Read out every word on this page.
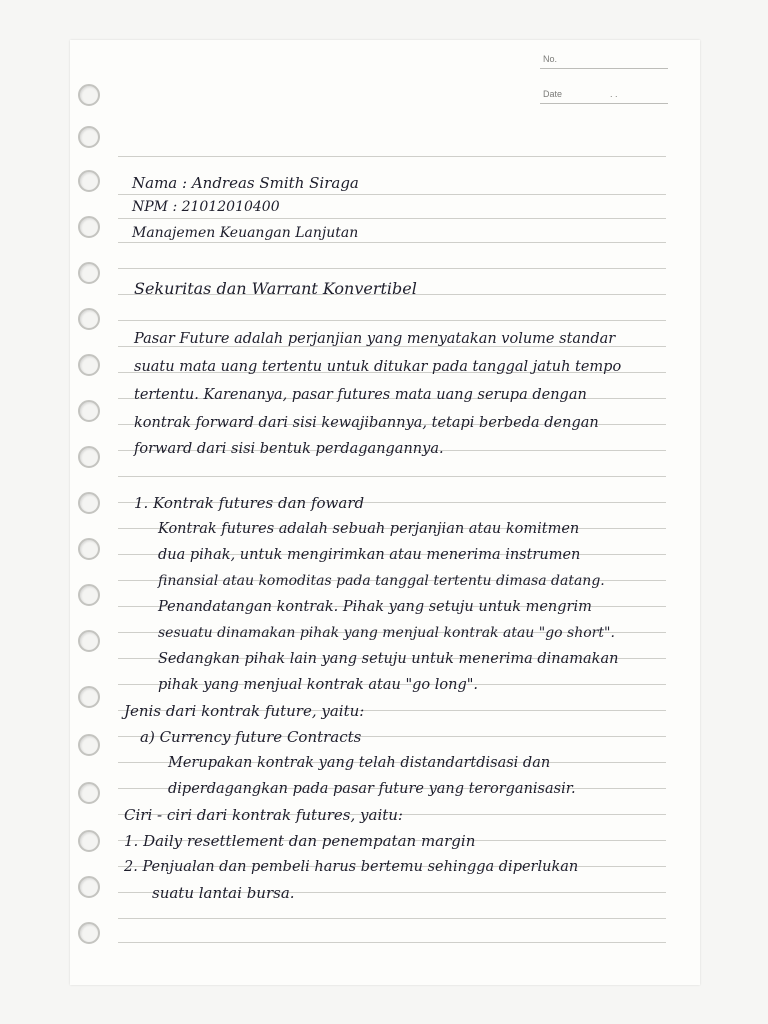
No.
Date	. .
Nama : Andreas Smith Siraga
NPM : 21012010400
Manajemen Keuangan Lanjutan
Sekuritas dan Warrant Konvertibel
Pasar Future adalah perjanjian yang menyatakan volume standar
suatu mata uang tertentu untuk ditukar pada tanggal jatuh tempo
tertentu. Karenanya, pasar futures mata uang serupa dengan
kontrak forward dari sisi kewajibannya, tetapi berbeda dengan
forward dari sisi bentuk perdagangannya.
1. Kontrak futures dan foward
Kontrak futures adalah sebuah perjanjian atau komitmen
dua pihak, untuk mengirimkan atau menerima instrumen
finansial atau komoditas pada tanggal tertentu dimasa datang.
Penandatangan kontrak. Pihak yang setuju untuk mengrim
sesuatu dinamakan pihak yang menjual kontrak atau "go short".
Sedangkan pihak lain yang setuju untuk menerima dinamakan
pihak yang menjual kontrak atau "go long".
Jenis dari kontrak future, yaitu:
a) Currency future Contracts
Merupakan kontrak yang telah distandartdisasi dan
diperdagangkan pada pasar future yang terorganisasir.
Ciri - ciri dari kontrak futures, yaitu:
1. Daily resettlement dan penempatan margin
2. Penjualan dan pembeli harus bertemu sehingga diperlukan
suatu lantai bursa.
